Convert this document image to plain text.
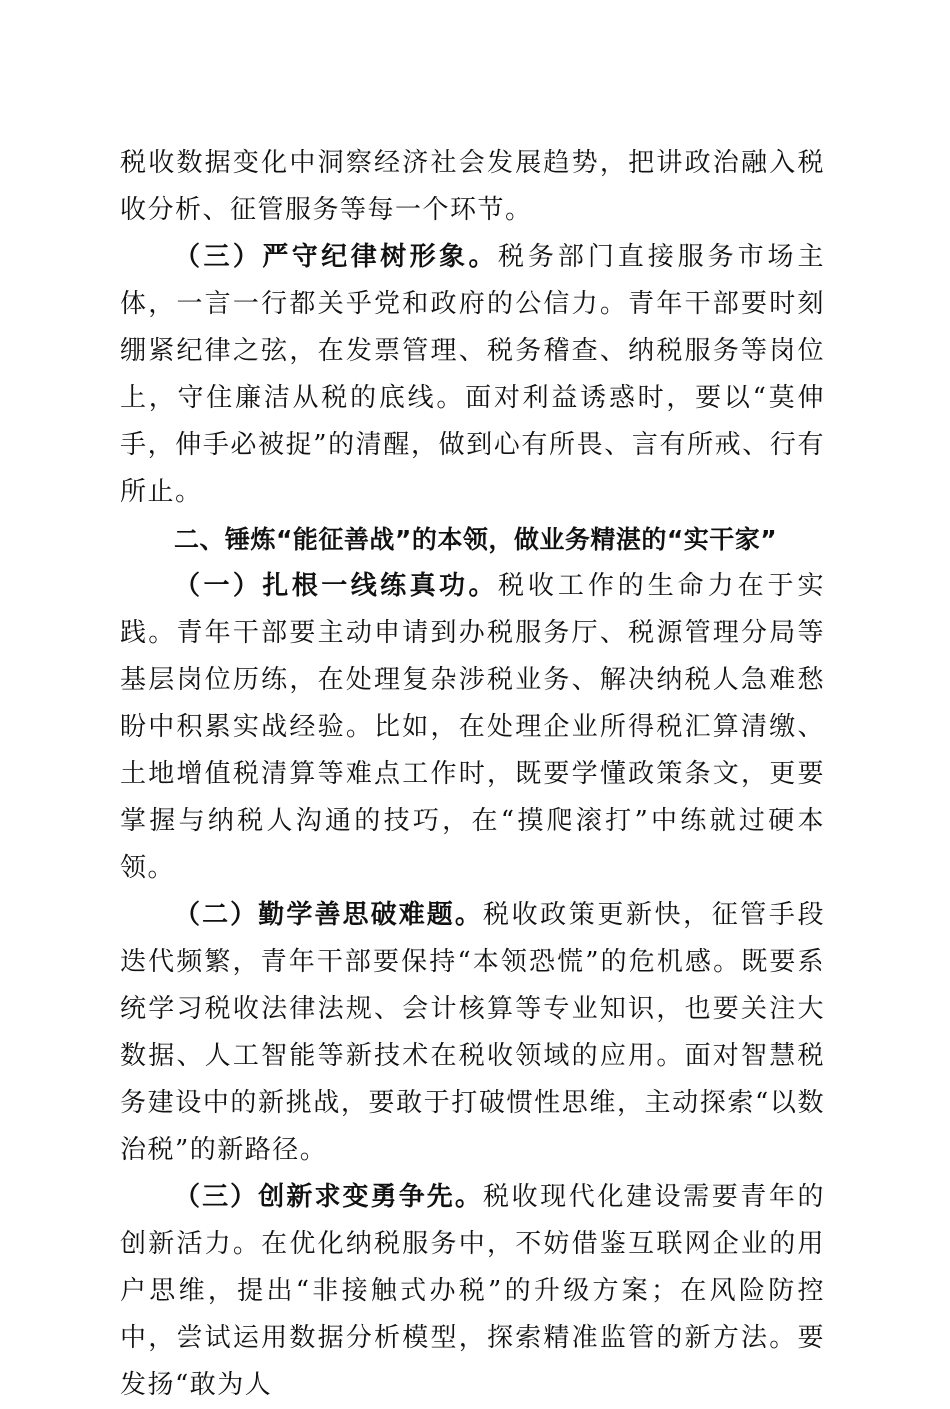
税收数据变化中洞察经济社会发展趋势，把讲政治融入税收分析、征管服务等每一个环节。

（三）严守纪律树形象。税务部门直接服务市场主体，一言一行都关乎党和政府的公信力。青年干部要时刻绷紧纪律之弦，在发票管理、税务稽查、纳税服务等岗位上，守住廉洁从税的底线。面对利益诱惑时，要以“莫伸手，伸手必被捉”的清醒，做到心有所畏、言有所戒、行有所止。

二、锤炼“能征善战”的本领，做业务精湛的“实干家”

（一）扎根一线练真功。税收工作的生命力在于实践。青年干部要主动申请到办税服务厅、税源管理分局等基层岗位历练，在处理复杂涉税业务、解决纳税人急难愁盼中积累实战经验。比如，在处理企业所得税汇算清缴、土地增值税清算等难点工作时，既要学懂政策条文，更要掌握与纳税人沟通的技巧，在“摸爬滚打”中练就过硬本领。

（二）勤学善思破难题。税收政策更新快，征管手段迭代频繁，青年干部要保持“本领恐慌”的危机感。既要系统学习税收法律法规、会计核算等专业知识，也要关注大数据、人工智能等新技术在税收领域的应用。面对智慧税务建设中的新挑战，要敢于打破惯性思维，主动探索“以数治税”的新路径。

（三）创新求变勇争先。税收现代化建设需要青年的创新活力。在优化纳税服务中，不妨借鉴互联网企业的用户思维，提出“非接触式办税”的升级方案；在风险防控中，尝试运用数据分析模型，探索精准监管的新方法。要发扬“敢为人
